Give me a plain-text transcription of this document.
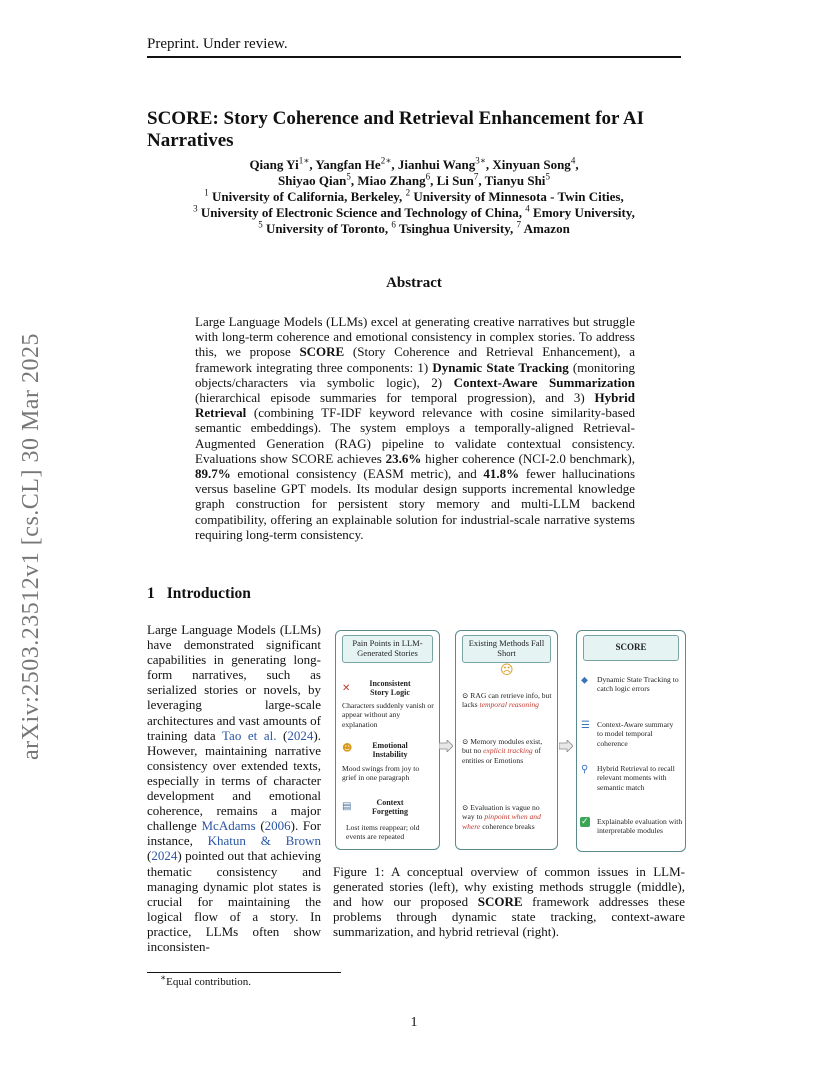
Preprint. Under review.
SCORE: Story Coherence and Retrieval Enhancement for AI Narratives
Qiang $Yi^{1∗}$, Yangfan $He^{2∗}$, Jianhui Wang$^{3∗}$, Xinyuan Song$^4$,
Shiyao Qian$^5$, Miao Zhang$^6$, Li Sun$^7$, Tianyu Shi$^5$
$^1$ University of California, Berkeley, $^2$ University of Minnesota - Twin Cities,
$^3$ University of Electronic Science and Technology of China, $^4$ Emory University,
$^5$ University of Toronto, $^6$ Tsinghua University, $^7$ Amazon
arXiv:2503.23512v1 [cs.CL] 30 Mar 2025
Abstract
Large Language Models (LLMs) excel at generating creative narratives but struggle with long-term coherence and emotional consistency in complex stories. To address this, we propose SCORE (Story Coherence and Retrieval Enhancement), a framework integrating three components: 1) Dynamic State Tracking (monitoring objects/characters via symbolic logic), 2) Context-Aware Summarization (hierarchical episode summaries for temporal progression), and 3) Hybrid Retrieval (combining TF-IDF keyword relevance with cosine similarity-based semantic embeddings). The system employs a temporally-aligned Retrieval-Augmented Generation (RAG) pipeline to validate contextual consistency. Evaluations show SCORE achieves 23.6% higher coherence (NCI-2.0 benchmark), 89.7% emotional consistency (EASM metric), and 41.8% fewer hallucinations versus baseline GPT models. Its modular design supports incremental knowledge graph construction for persistent story memory and multi-LLM backend compatibility, offering an explainable solution for industrial-scale narrative systems requiring long-term consistency.
1 Introduction
Large Language Models (LLMs) have demonstrated significant capabilities in generating long-form narratives, such as serialized stories or novels, by leveraging large-scale architectures and vast amounts of training data Tao et al. (2024). However, maintaining narrative consistency over extended texts, especially in terms of character development and emotional coherence, remains a major challenge McAdams (2006). For instance, Khatun & Brown (2024) pointed out that achieving thematic consistency and managing dynamic plot states is crucial for maintaining the logical flow of a story. In practice, LLMs often show inconsisten-
Pain Points in LLM-Generated Stories
✕	Inconsistent Story Logic
Characters suddenly vanish or appear without any explanation
☻	Emotional Instability
Mood swings from joy to grief in one paragraph
▤	Context Forgetting
Lost items reappear; old events are repeated
Existing Methods Fall Short
☹
⊙ RAG can retrieve info, but lacks temporal reasoning
⊙ Memory modules exist, but no explicit tracking of entities or Emotions
⊙ Evaluation is vague no way to pinpoint when and where coherence breaks
SCORE
⬥ Dynamic State Tracking to catch logic errors
☰ Context-Aware summary to model temporal coherence
⚲ Hybrid Retrieval to recall relevant moments with semantic match
✓ Explainable evaluation with interpretable modules
Figure 1: A conceptual overview of common issues in LLM-generated stories (left), why existing methods struggle (middle), and how our proposed SCORE framework addresses these problems through dynamic state tracking, context-aware summarization, and hybrid retrieval (right).
∗Equal contribution.
1
